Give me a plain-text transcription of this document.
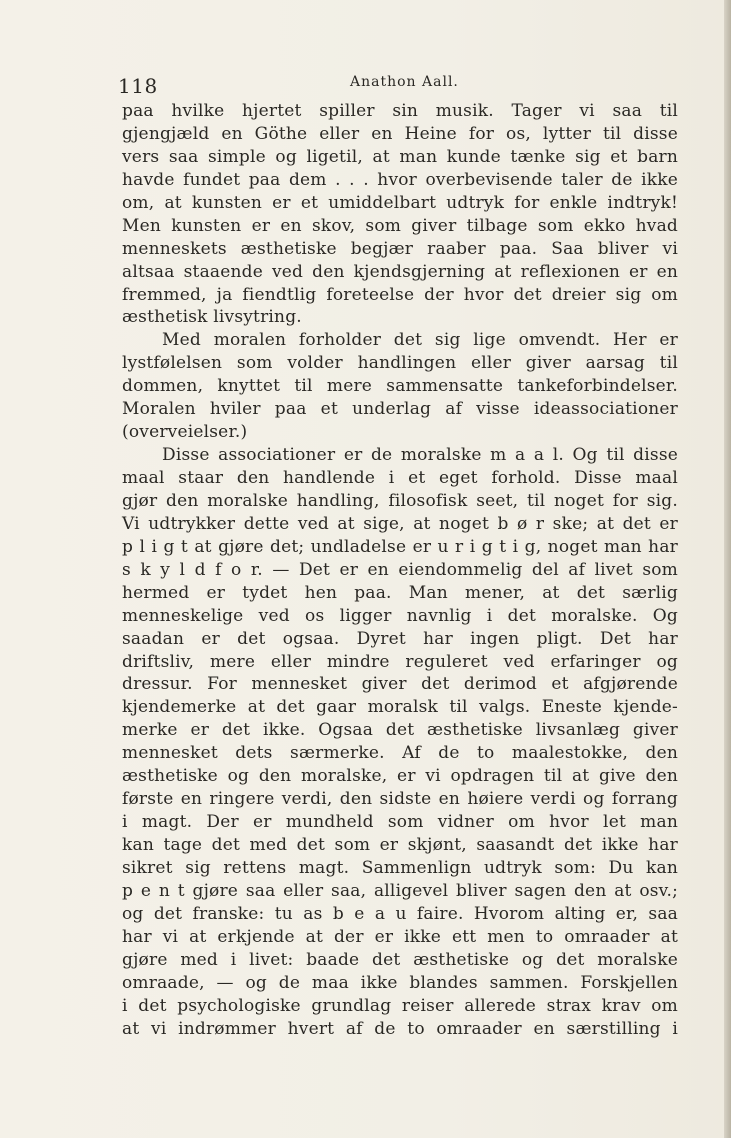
118	Anathon Aall.
paa hvilke hjertet spiller sin musik. Tager vi saa til
gjengjæld en Göthe eller en Heine for os, lytter til disse
vers saa simple og ligetil, at man kunde tænke sig et barn
havde fundet paa dem . . . hvor overbevisende taler de ikke
om, at kunsten er et umiddelbart udtryk for enkle indtryk!
Men kunsten er en skov, som giver tilbage som ekko hvad
menneskets æsthetiske begjær raaber paa. Saa bliver vi
altsaa staaende ved den kjendsgjerning at reflexionen er en
fremmed, ja fiendtlig foreteelse der hvor det dreier sig om
æsthetisk livsytring.
Med moralen forholder det sig lige omvendt. Her er
lystfølelsen som volder handlingen eller giver aarsag til
dommen, knyttet til mere sammensatte tankeforbindelser.
Moralen hviler paa et underlag af visse ideassociationer
(overveielser.)
Disse associationer er de moralske m a a l. Og til disse
maal staar den handlende i et eget forhold. Disse maal
gjør den moralske handling, filosofisk seet, til noget for sig.
Vi udtrykker dette ved at sige, at noget b ø r ske; at det er
p l i g t at gjøre det; undladelse er u r i g t i g, noget man har
s k y l d f o r. — Det er en eiendommelig del af livet som
hermed er tydet hen paa. Man mener, at det særlig
menneskelige ved os ligger navnlig i det moralske. Og
saadan er det ogsaa. Dyret har ingen pligt. Det har
driftsliv, mere eller mindre reguleret ved erfaringer og
dressur. For mennesket giver det derimod et afgjørende
kjendemerke at det gaar moralsk til valgs. Eneste kjende-
merke er det ikke. Ogsaa det æsthetiske livsanlæg giver
mennesket dets særmerke. Af de to maalestokke, den
æsthetiske og den moralske, er vi opdragen til at give den
første en ringere verdi, den sidste en høiere verdi og forrang
i magt. Der er mundheld som vidner om hvor let man
kan tage det med det som er skjønt, saasandt det ikke har
sikret sig rettens magt. Sammenlign udtryk som: Du kan
p e n t gjøre saa eller saa, alligevel bliver sagen den at osv.;
og det franske: tu as b e a u faire. Hvorom alting er, saa
har vi at erkjende at der er ikke ett men to omraader at
gjøre med i livet: baade det æsthetiske og det moralske
omraade, — og de maa ikke blandes sammen. Forskjellen
i det psychologiske grundlag reiser allerede strax krav om
at vi indrømmer hvert af de to omraader en særstilling i
